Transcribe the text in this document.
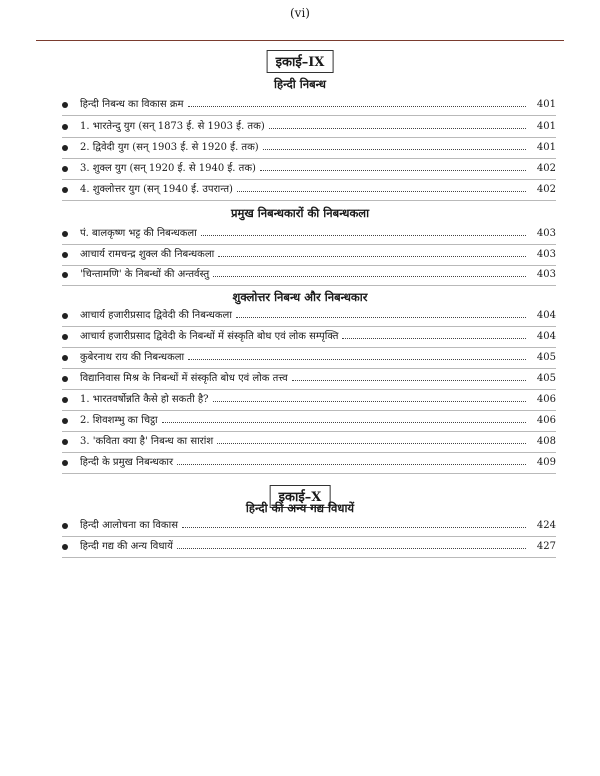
(vi)
इकाई–IX
हिन्दी निबन्ध
हिन्दी निबन्ध का विकास क्रम	401
1. भारतेन्दु युग (सन् 1873 ई. से 1903 ई. तक)	401
2. द्विवेदी युग (सन् 1903 ई. से 1920 ई. तक)	401
3. शुक्ल युग (सन् 1920 ई. से 1940 ई. तक)	402
4. शुक्लोत्तर युग (सन् 1940 ई. उपरान्त)	402
प्रमुख निबन्धकारों की निबन्धकला
पं. बालकृष्ण भट्ट की निबन्धकला	403
आचार्य रामचन्द्र शुक्ल की निबन्धकला	403
'चिन्तामणि' के निबन्धों की अन्तर्वस्तु	403
शुक्लोत्तर निबन्ध और निबन्धकार
आचार्य हजारीप्रसाद द्विवेदी की निबन्धकला	404
आचार्य हजारीप्रसाद द्विवेदी के निबन्धों में संस्कृति बोध एवं लोक सम्पृक्ति	404
कुबेरनाथ राय की निबन्धकला	405
विद्यानिवास मिश्र के निबन्धों में संस्कृति बोध एवं लोक तत्त्व	405
1. भारतवर्षोन्नति कैसे हो सकती है?	406
2. शिवशम्भु का चिट्ठा	406
3. 'कविता क्या है' निबन्ध का सारांश	408
हिन्दी के प्रमुख निबन्धकार	409
इकाई–X
हिन्दी की अन्य गद्य विधायें
हिन्दी आलोचना का विकास	424
हिन्दी गद्य की अन्य विधायें	427
